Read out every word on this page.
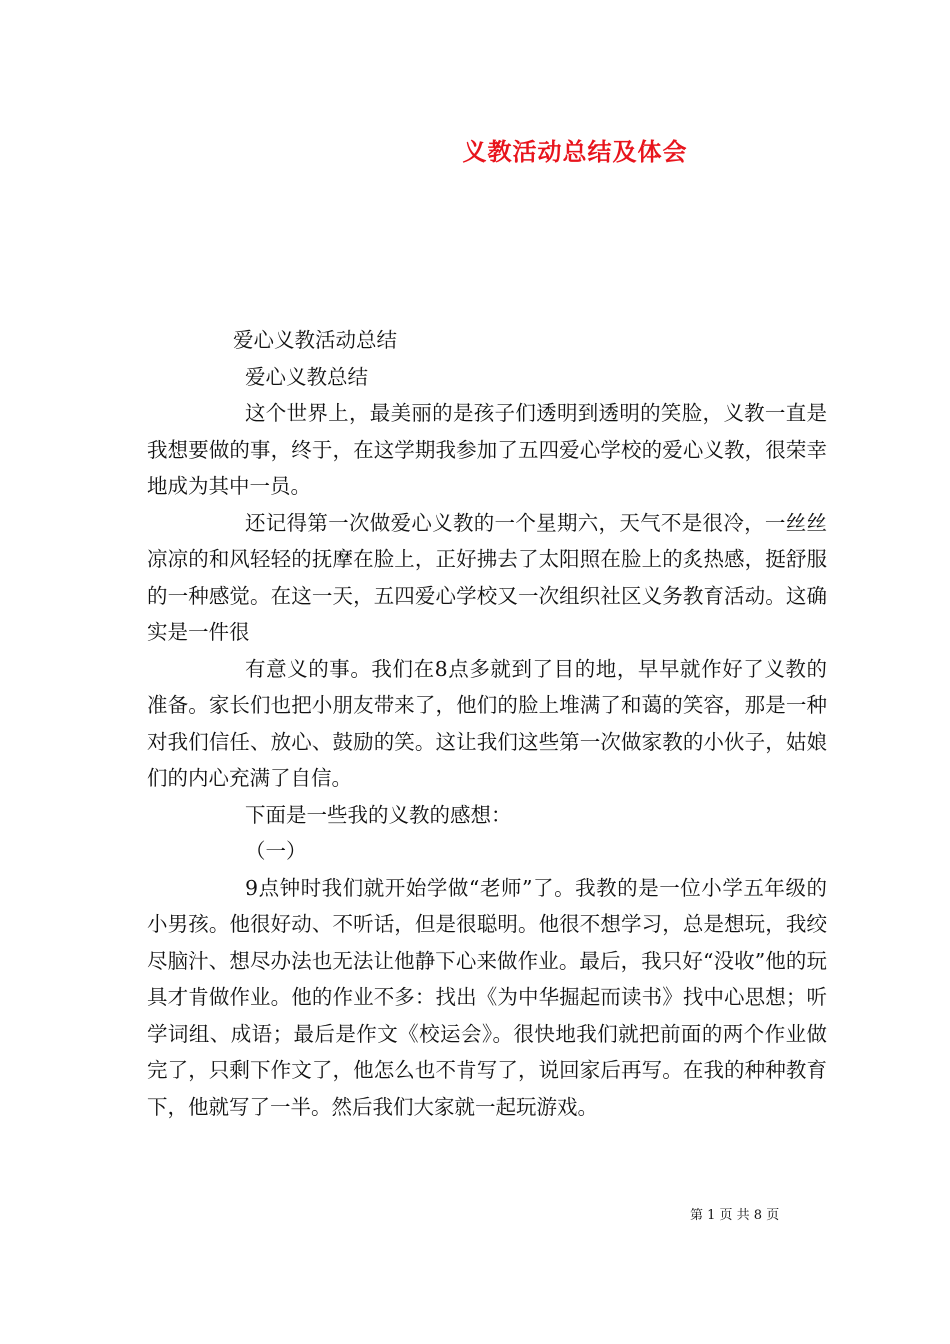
义教活动总结及体会

爱心义教活动总结

爱心义教总结

这个世界上，最美丽的是孩子们透明到透明的笑脸，义教一直是我想要做的事，终于，在这学期我参加了五四爱心学校的爱心义教，很荣幸地成为其中一员。

还记得第一次做爱心义教的一个星期六，天气不是很冷，一丝丝凉凉的和风轻轻的抚摩在脸上，正好拂去了太阳照在脸上的炙热感，挺舒服的一种感觉。在这一天，五四爱心学校又一次组织社区义务教育活动。这确实是一件很

有意义的事。我们在8点多就到了目的地，早早就作好了义教的准备。家长们也把小朋友带来了，他们的脸上堆满了和蔼的笑容，那是一种对我们信任、放心、鼓励的笑。这让我们这些第一次做家教的小伙子，姑娘们的内心充满了自信。

下面是一些我的义教的感想：

（一）

9点钟时我们就开始学做“老师”了。我教的是一位小学五年级的小男孩。他很好动、不听话，但是很聪明。他很不想学习，总是想玩，我绞尽脑汁、想尽办法也无法让他静下心来做作业。最后，我只好“没收”他的玩具才肯做作业。他的作业不多：找出《为中华掘起而读书》找中心思想；听学词组、成语；最后是作文《校运会》。很快地我们就把前面的两个作业做完了，只剩下作文了，他怎么也不肯写了，说回家后再写。在我的种种教育下，他就写了一半。然后我们大家就一起玩游戏。

第 1 页 共 8 页
